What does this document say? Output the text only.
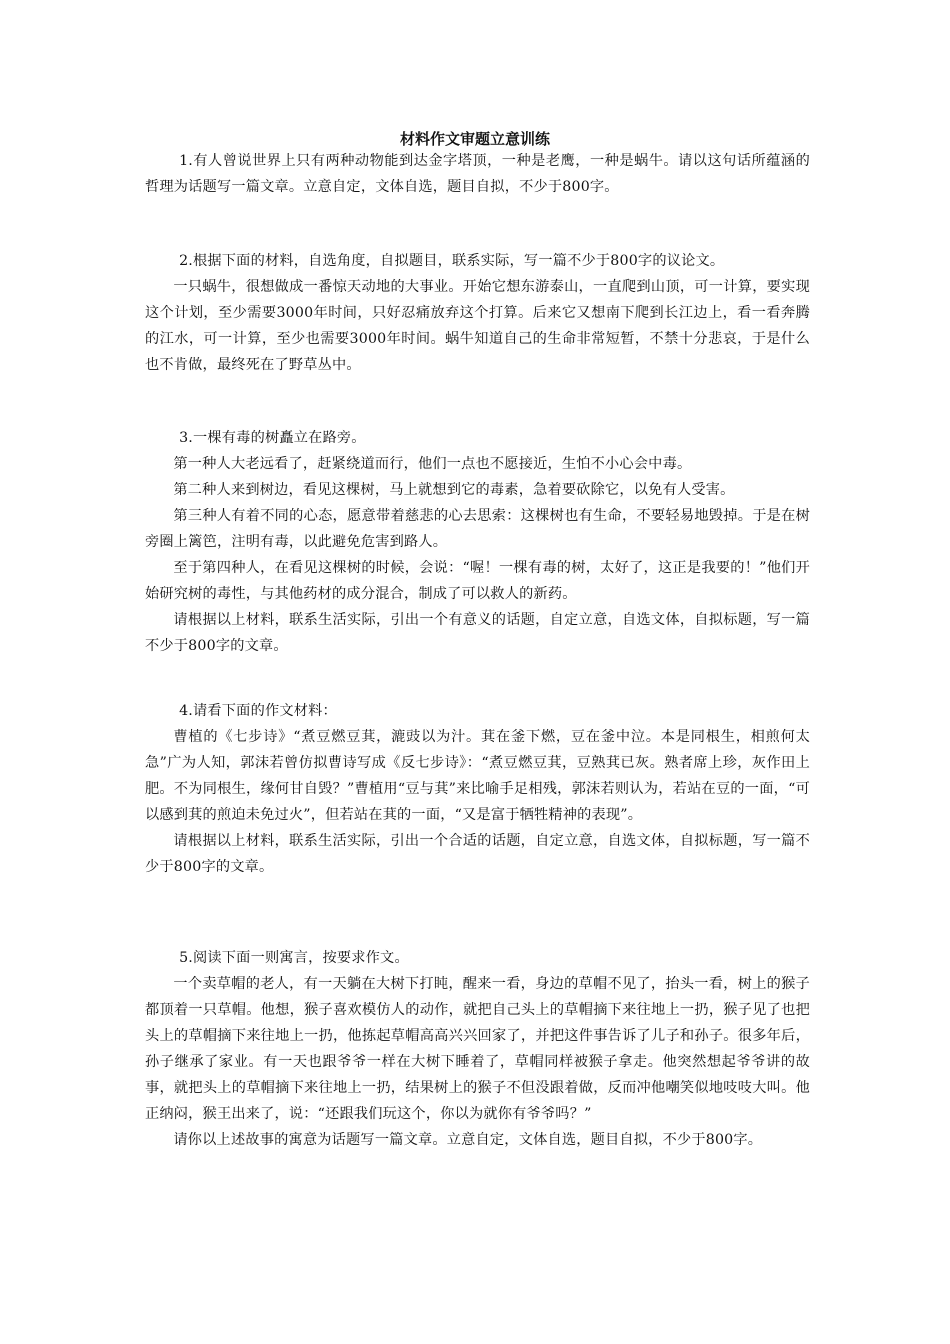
材料作文审题立意训练

1.有人曾说世界上只有两种动物能到达金字塔顶，一种是老鹰，一种是蜗牛。请以这句话所蕴涵的哲理为话题写一篇文章。立意自定，文体自选，题目自拟，不少于800字。

2.根据下面的材料，自选角度，自拟题目，联系实际，写一篇不少于800字的议论文。

一只蜗牛，很想做成一番惊天动地的大事业。开始它想东游泰山，一直爬到山顶，可一计算，要实现这个计划，至少需要3000年时间，只好忍痛放弃这个打算。后来它又想南下爬到长江边上，看一看奔腾的江水，可一计算，至少也需要3000年时间。蜗牛知道自己的生命非常短暂，不禁十分悲哀，于是什么也不肯做，最终死在了野草丛中。

3.一棵有毒的树矗立在路旁。

第一种人大老远看了，赶紧绕道而行，他们一点也不愿接近，生怕不小心会中毒。

第二种人来到树边，看见这棵树，马上就想到它的毒素，急着要砍除它，以免有人受害。

第三种人有着不同的心态，愿意带着慈悲的心去思索：这棵树也有生命，不要轻易地毁掉。于是在树旁圈上篱笆，注明有毒，以此避免危害到路人。

至于第四种人，在看见这棵树的时候，会说：“喔！一棵有毒的树，太好了，这正是我要的！”他们开始研究树的毒性，与其他药材的成分混合，制成了可以救人的新药。

请根据以上材料，联系生活实际，引出一个有意义的话题，自定立意，自选文体，自拟标题，写一篇不少于800字的文章。

4.请看下面的作文材料：

曹植的《七步诗》“煮豆燃豆萁，漉豉以为汁。萁在釜下燃，豆在釜中泣。本是同根生，相煎何太急”广为人知，郭沫若曾仿拟曹诗写成《反七步诗》：“煮豆燃豆萁，豆熟萁已灰。熟者席上珍，灰作田上肥。不为同根生，缘何甘自毁？”曹植用“豆与萁”来比喻手足相残，郭沫若则认为，若站在豆的一面，“可以感到萁的煎迫未免过火”，但若站在萁的一面，“又是富于牺牲精神的表现”。

请根据以上材料，联系生活实际，引出一个合适的话题，自定立意，自选文体，自拟标题，写一篇不少于800字的文章。

5.阅读下面一则寓言，按要求作文。

一个卖草帽的老人，有一天躺在大树下打盹，醒来一看，身边的草帽不见了，抬头一看，树上的猴子都顶着一只草帽。他想，猴子喜欢模仿人的动作，就把自己头上的草帽摘下来往地上一扔，猴子见了也把头上的草帽摘下来往地上一扔，他拣起草帽高高兴兴回家了，并把这件事告诉了儿子和孙子。很多年后，孙子继承了家业。有一天也跟爷爷一样在大树下睡着了，草帽同样被猴子拿走。他突然想起爷爷讲的故事，就把头上的草帽摘下来往地上一扔，结果树上的猴子不但没跟着做，反而冲他嘲笑似地吱吱大叫。他正纳闷，猴王出来了，说：“还跟我们玩这个，你以为就你有爷爷吗？”

请你以上述故事的寓意为话题写一篇文章。立意自定，文体自选，题目自拟，不少于800字。
